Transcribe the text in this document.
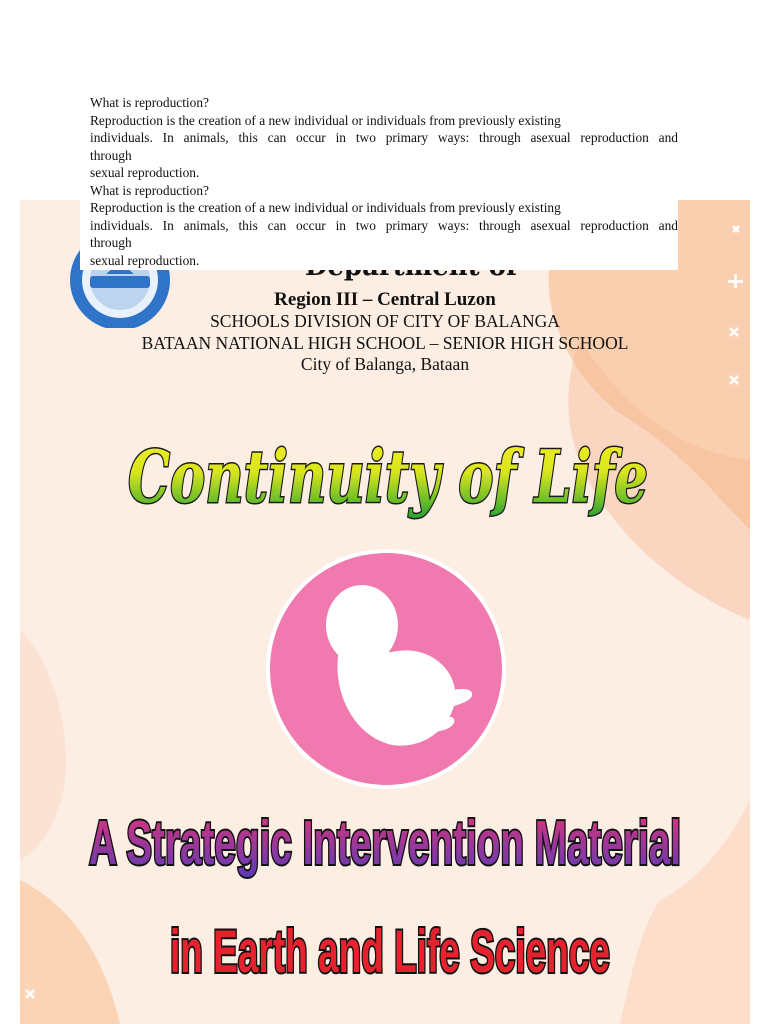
Region III – Central Luzon
SCHOOLS DIVISION OF CITY OF BALANGA
BATAAN NATIONAL HIGH SCHOOL – SENIOR HIGH SCHOOL
City of Balanga, Bataan
Continuity of Life
A Strategic Intervention Material
in Earth and Life Science

What is reproduction?

Reproduction is the creation of a new individual or individuals from previously existing

individuals. In animals, this can occur in two primary ways: through asexual reproduction and

through

sexual reproduction.

What is reproduction?

Reproduction is the creation of a new individual or individuals from previously existing

individuals. In animals, this can occur in two primary ways: through asexual reproduction and

through

sexual reproduction.
